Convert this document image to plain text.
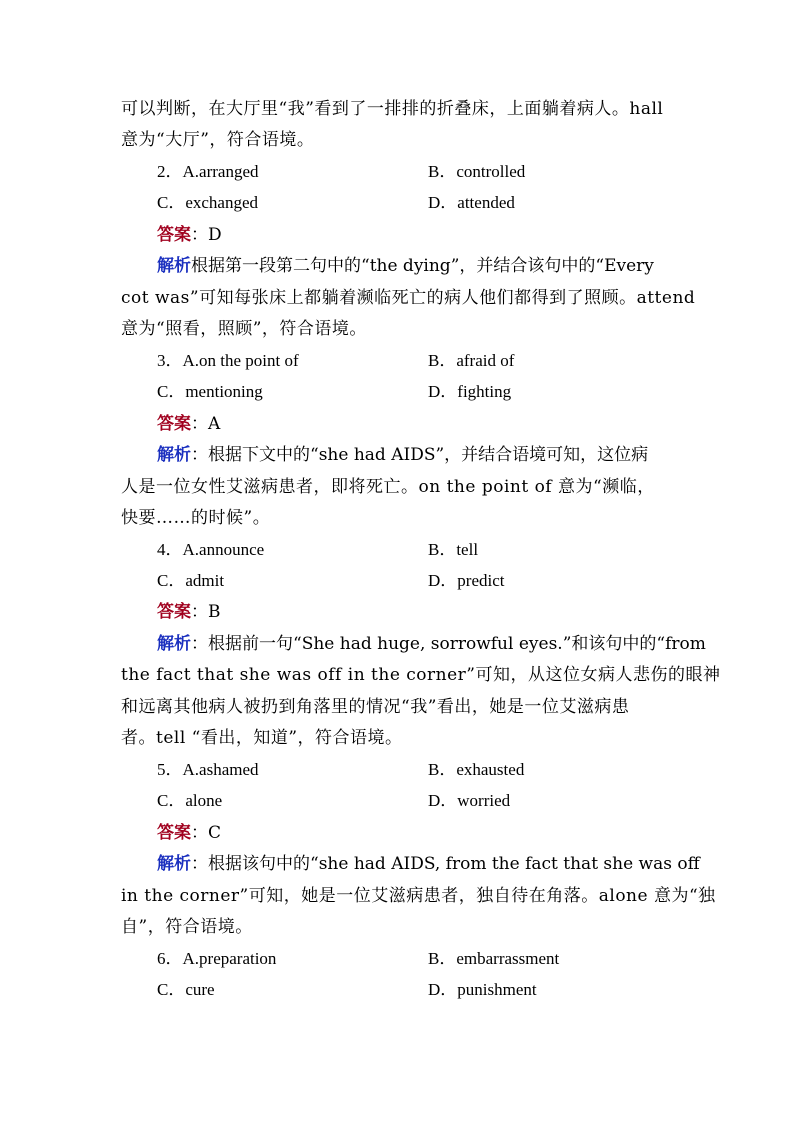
可以判断，在大厅里“我”看到了一排排的折叠床，上面躺着病人。hall
意为“大厅”，符合语境。
2．A.arranged	B．controlled
C．exchanged	D．attended
答案：D
解析根据第一段第二句中的“the dying”，并结合该句中的“Every
cot was”可知每张床上都躺着濒临死亡的病人他们都得到了照顾。attend
意为“照看，照顾”，符合语境。
3．A.on the point of	B．afraid of
C．mentioning	D．fighting
答案：A
解析：根据下文中的“she had AIDS”，并结合语境可知，这位病
人是一位女性艾滋病患者，即将死亡。on the point of 意为“濒临，
快要……的时候”。
4．A.announce	B．tell
C．admit	D．predict
答案：B
解析：根据前一句“She had huge, sorrowful eyes.”和该句中的“from
the fact that she was off in the corner”可知，从这位女病人悲伤的眼神
和远离其他病人被扔到角落里的情况“我”看出，她是一位艾滋病患
者。tell “看出，知道”，符合语境。
5．A.ashamed	B．exhausted
C．alone	D．worried
答案：C
解析：根据该句中的“she had AIDS, from the fact that she was off
in the corner”可知，她是一位艾滋病患者，独自待在角落。alone 意为“独
自”，符合语境。
6．A.preparation	B．embarrassment
C．cure	D．punishment
